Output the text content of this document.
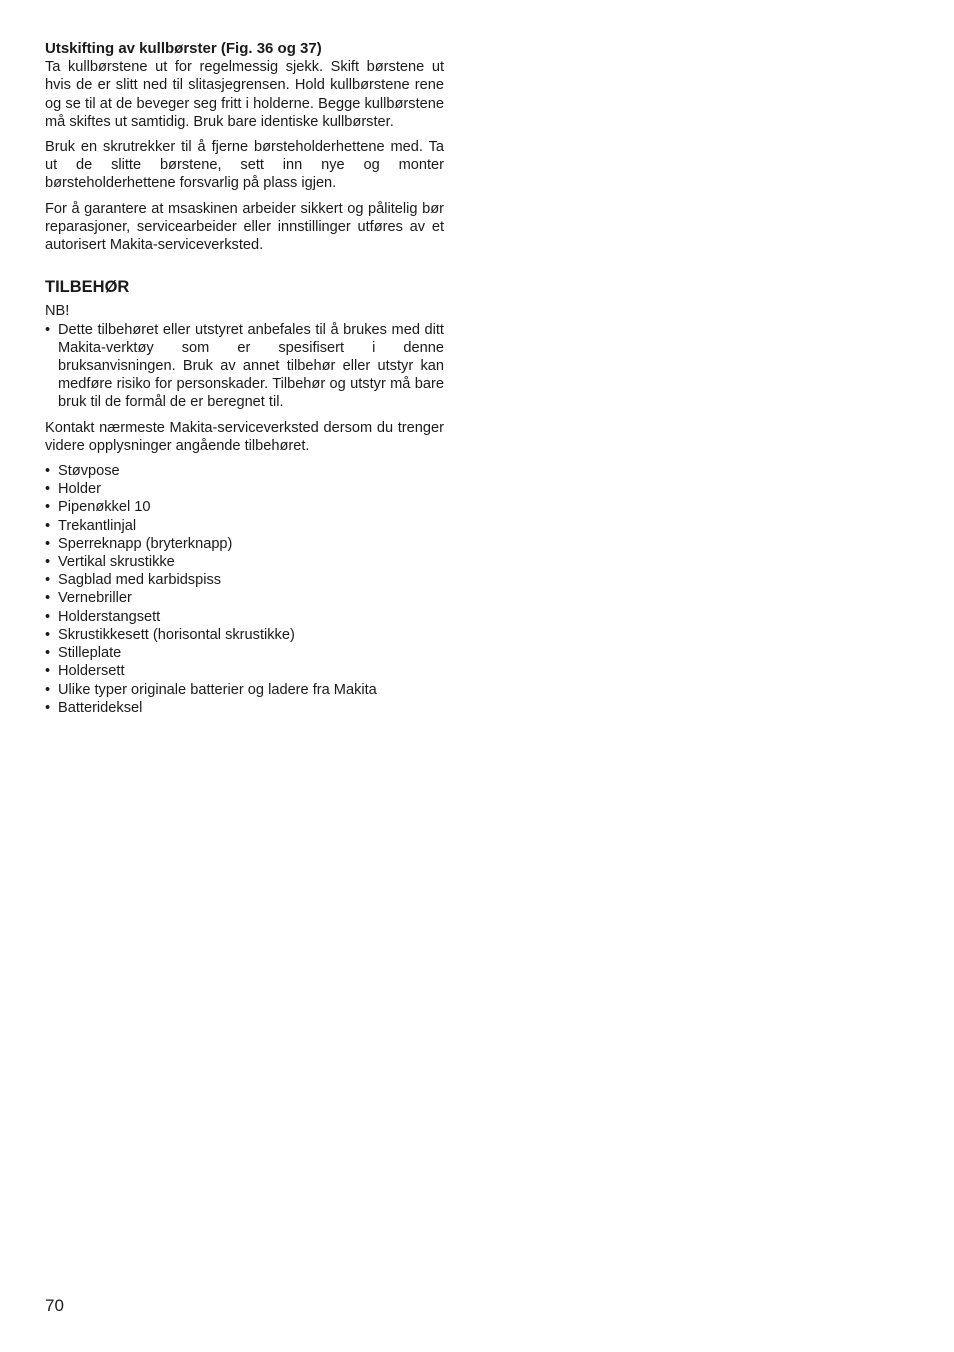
Utskifting av kullbørster (Fig. 36 og 37)

Ta kullbørstene ut for regelmessig sjekk. Skift børstene ut hvis de er slitt ned til slitasjegrensen. Hold kullbørstene rene og se til at de beveger seg fritt i holderne. Begge kullbørstene må skiftes ut samtidig. Bruk bare identiske kullbørster.

Bruk en skrutrekker til å fjerne børsteholderhettene med. Ta ut de slitte børstene, sett inn nye og monter børsteholderhettene forsvarlig på plass igjen.

For å garantere at msaskinen arbeider sikkert og pålitelig bør reparasjoner, servicearbeider eller innstillinger utføres av et autorisert Makita-serviceverksted.

TILBEHØR

NB!

• Dette tilbehøret eller utstyret anbefales til å brukes med ditt Makita-verktøy som er spesifisert i denne bruksanvisningen. Bruk av annet tilbehør eller utstyr kan medføre risiko for personskader. Tilbehør og utstyr må bare bruk til de formål de er beregnet til.

Kontakt nærmeste Makita-serviceverksted dersom du trenger videre opplysninger angående tilbehøret.

• Støvpose
• Holder
• Pipenøkkel 10
• Trekantlinjal
• Sperreknapp (bryterknapp)
• Vertikal skrustikke
• Sagblad med karbidspiss
• Vernebriller
• Holderstangsett
• Skrustikkesett (horisontal skrustikke)
• Stilleplate
• Holdersett
• Ulike typer originale batterier og ladere fra Makita
• Batterideksel
70
